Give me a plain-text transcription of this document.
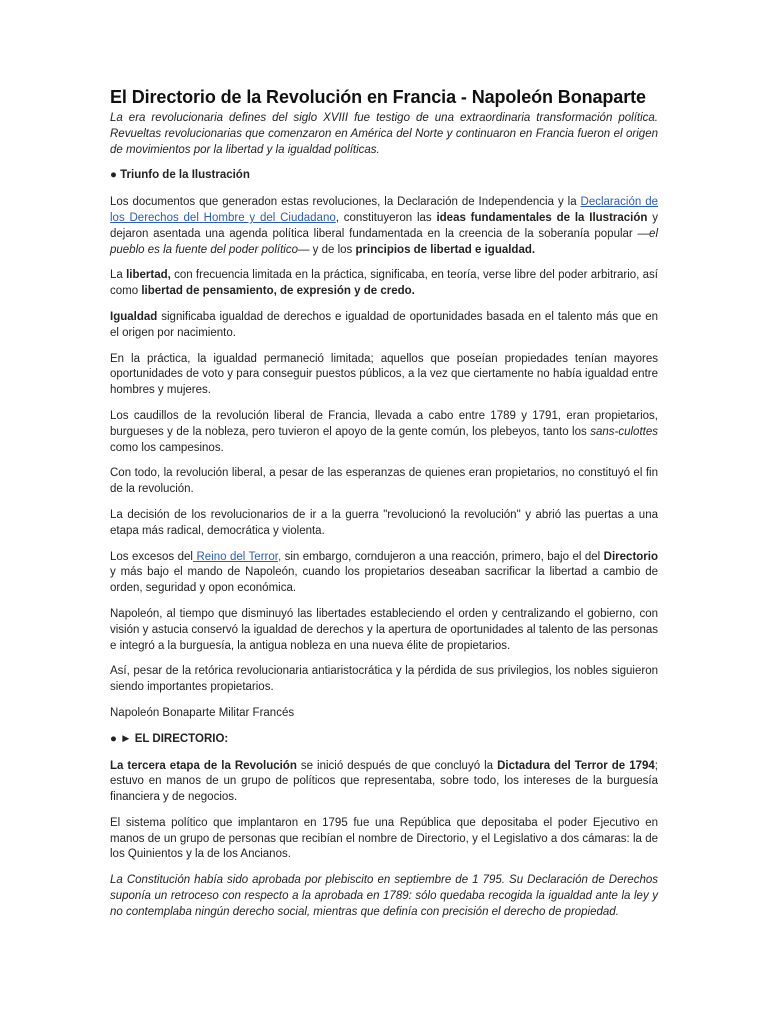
El Directorio de la Revolución en Francia - Napoleón Bonaparte

La era revolucionaria defines del siglo XVIII fue testigo de una extraordinaria transformación política. Revueltas revolucionarias que comenzaron en América del Norte y continuaron en Francia fueron el origen de movimientos por la libertad y la igualdad políticas.

● Triunfo de la Ilustración

Los documentos que generadon estas revoluciones, la Declaración de Independencia y la Declaración de los Derechos del Hombre y del Ciudadano, constituyeron las ideas fundamentales de la Ilustración y dejaron asentada una agenda política liberal fundamentada en la creencia de la soberanía popular —el pueblo es la fuente del poder político— y de los principios de libertad e igualdad.

La libertad, con frecuencia limitada en la práctica, significaba, en teoría, verse libre del poder arbitrario, así como libertad de pensamiento, de expresión y de credo.

Igualdad significaba igualdad de derechos e igualdad de oportunidades basada en el talento más que en el origen por nacimiento.

En la práctica, la igualdad permaneció limitada; aquellos que poseían propiedades tenían mayores oportunidades de voto y para conseguir puestos públicos, a la vez que ciertamente no había igualdad entre hombres y mujeres.

Los caudillos de la revolución liberal de Francia, llevada a cabo entre 1789 y 1791, eran propietarios, burgueses y de la nobleza, pero tuvieron el apoyo de la gente común, los plebeyos, tanto los sans-culottes como los campesinos.

Con todo, la revolución liberal, a pesar de las esperanzas de quienes eran propietarios, no constituyó el fin de la revolución.

La decisión de los revolucionarios de ir a la guerra "revolucionó la revolución" y abrió las puertas a una etapa más radical, democrática y violenta.

Los excesos del Reino del Terror, sin embargo, corndujeron a una reacción, primero, bajo el del Directorio y más bajo el mando de Napoleón, cuando los propietarios deseaban sacrificar la libertad a cambio de orden, seguridad y opon económica.

Napoleón, al tiempo que disminuyó las libertades estableciendo el orden y centralizando el gobierno, con visión y astucia conservó la igualdad de derechos y la apertura de oportunidades al talento de las personas e integró a la burguesía, la antigua nobleza en una nueva élite de propietarios.

Así, pesar de la retórica revolucionaria antiaristocrática y la pérdida de sus privilegios, los nobles siguieron siendo importantes propietarios.

Napoleón Bonaparte Militar Francés

● ► EL DIRECTORIO:

La tercera etapa de la Revolución se inició después de que concluyó la Dictadura del Terror de 1794; estuvo en manos de un grupo de políticos que representaba, sobre todo, los intereses de la burguesía financiera y de negocios.

El sistema político que implantaron en 1795 fue una República que depositaba el poder Ejecutivo en manos de un grupo de personas que recibían el nombre de Directorio, y el Legislativo a dos cámaras: la de los Quinientos y la de los Ancianos.

La Constitución había sido aprobada por plebiscito en septiembre de 1 795. Su Declaración de Derechos suponía un retroceso con respecto a la aprobada en 1789: sólo quedaba recogida la igualdad ante la ley y no contemplaba ningún derecho social, mientras que definía con precisión el derecho de propiedad.
